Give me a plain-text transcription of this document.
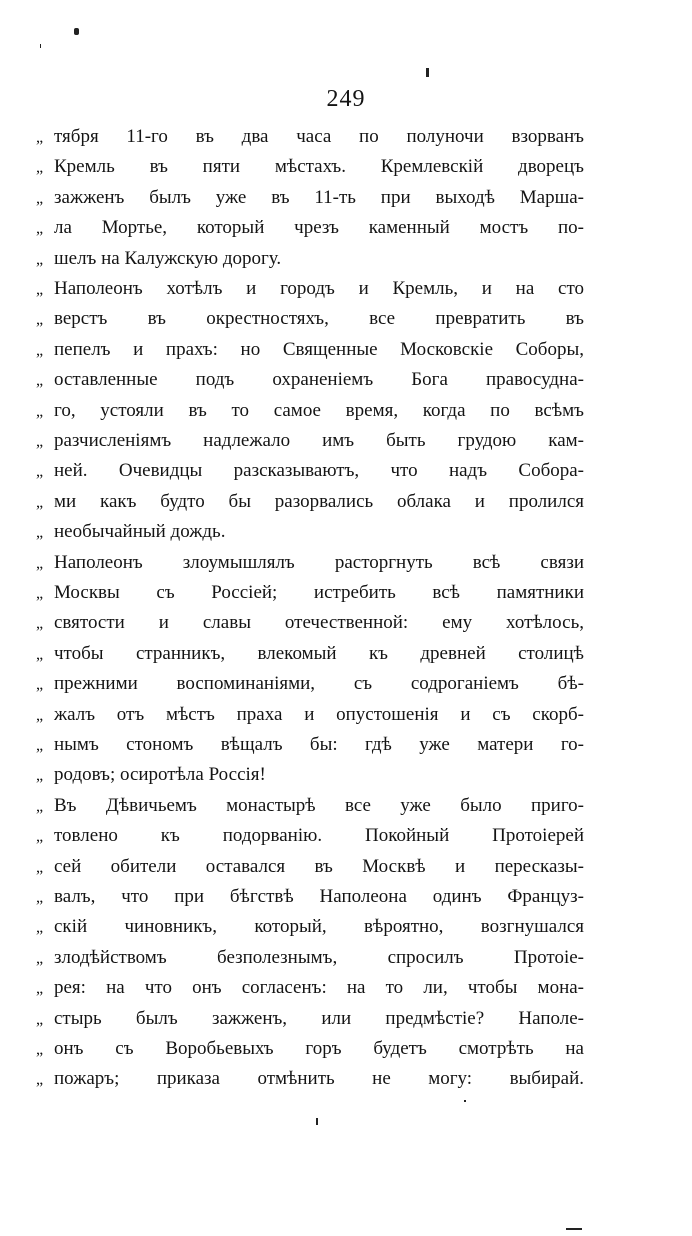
249
„ тября 11-го въ два часа по полуночи взорванъ
„ Кремль въ пяти мѣстахъ. Кремлевскій дворецъ
„ зажженъ былъ уже въ 11-ть при выходѣ Марша-
„ ла Мортье, который чрезъ каменный мостъ по-
„ шелъ на Калужскую дорогу.
„ Наполеонъ хотѣлъ и городъ и Кремль, и на сто
„ верстъ въ окрестностяхъ, все превратить въ
„ пепелъ и прахъ: но Священные Московскіе Соборы,
„ оставленные подъ охраненіемъ Бога правосудна-
„ го, устояли въ то самое время, когда по всѣмъ
„ разчисленіямъ надлежало имъ быть грудою кам-
„ ней. Очевидцы разсказываютъ, что надъ Собора-
„ ми какъ будто бы разорвались облака и пролился
„ необычайный дождь.
„ Наполеонъ злоумышлялъ расторгнуть всѣ связи
„ Москвы съ Россіей; истребить всѣ памятники
„ святости и славы отечественной: ему хотѣлось,
„ чтобы странникъ, влекомый къ древней столицѣ
„ прежними воспоминаніями, съ содроганіемъ бѣ-
„ жалъ отъ мѣстъ праха и опустошенія и съ скорб-
„ нымъ стономъ вѣщалъ бы: гдѣ уже матери го-
„ родовъ; осиротѣла Россія!
„ Въ Дѣвичьемъ монастырѣ все уже было приго-
„ товлено къ подорванію. Покойный Протоіерей
„ сей обители оставался въ Москвѣ и пересказы-
„ валъ, что при бѣгствѣ Наполеона одинъ Француз-
„ скій чиновникъ, который, вѣроятно, возгнушался
„ злодѣйствомъ безполезнымъ, спросилъ Протоіе-
„ рея: на что онъ согласенъ: на то ли, чтобы мона-
„ стырь былъ зажженъ, или предмѣстіе? Наполе-
„ онъ съ Воробьевыхъ горъ будетъ смотрѣть на
„ пожаръ; приказа отмѣнить не могу: выбирай.
